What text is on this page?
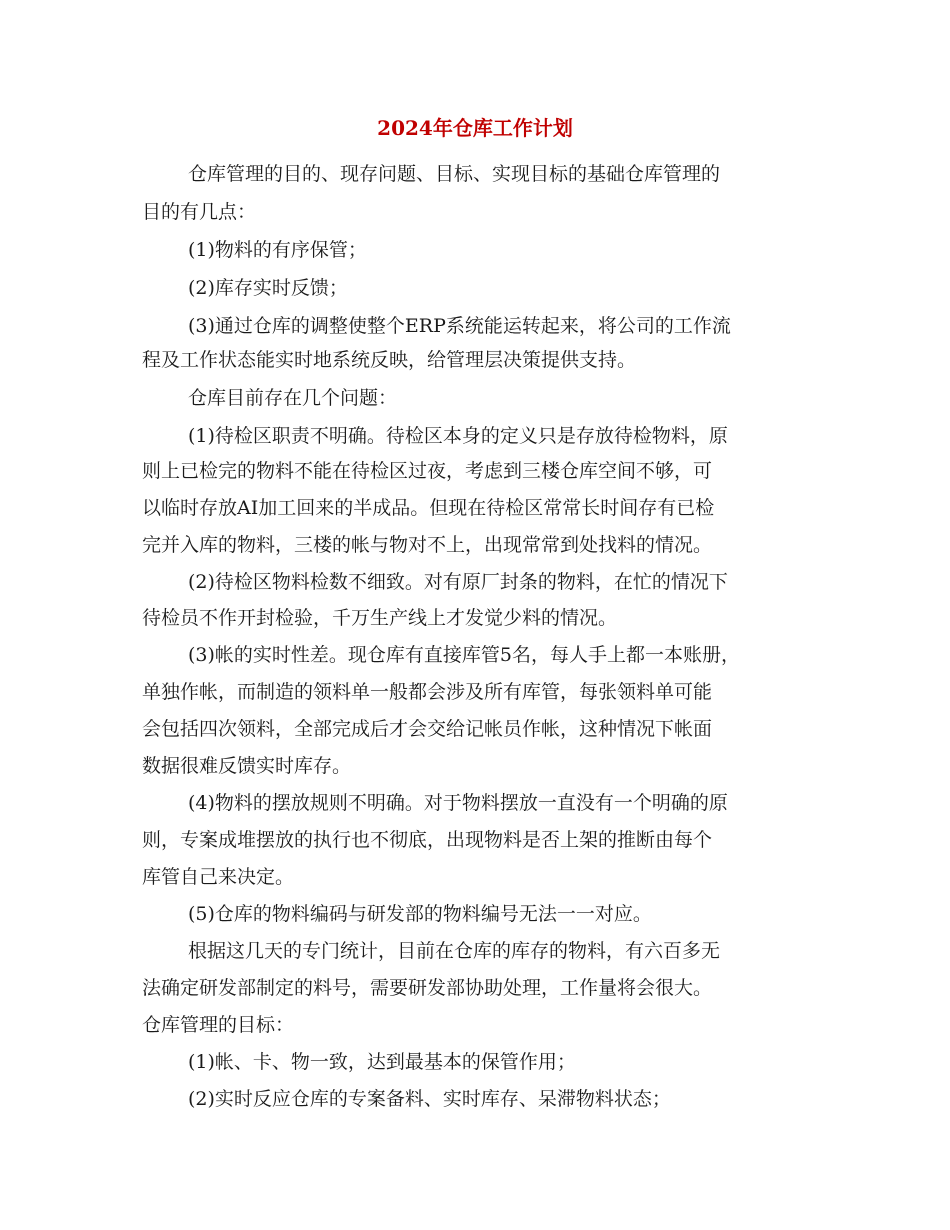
2024年仓库工作计划
仓库管理的目的、现存问题、目标、实现目标的基础仓库管理的
目的有几点：
(1)物料的有序保管；
(2)库存实时反馈；
(3)通过仓库的调整使整个ERP系统能运转起来，将公司的工作流
程及工作状态能实时地系统反映，给管理层决策提供支持。
仓库目前存在几个问题：
(1)待检区职责不明确。待检区本身的定义只是存放待检物料，原
则上已检完的物料不能在待检区过夜，考虑到三楼仓库空间不够，可
以临时存放AI加工回来的半成品。但现在待检区常常长时间存有已检
完并入库的物料，三楼的帐与物对不上，出现常常到处找料的情况。
(2)待检区物料检数不细致。对有原厂封条的物料，在忙的情况下
待检员不作开封检验，千万生产线上才发觉少料的情况。
(3)帐的实时性差。现仓库有直接库管5名，每人手上都一本账册，
单独作帐，而制造的领料单一般都会涉及所有库管，每张领料单可能
会包括四次领料，全部完成后才会交给记帐员作帐，这种情况下帐面
数据很难反馈实时库存。
(4)物料的摆放规则不明确。对于物料摆放一直没有一个明确的原
则，专案成堆摆放的执行也不彻底，出现物料是否上架的推断由每个
库管自己来决定。
(5)仓库的物料编码与研发部的物料编号无法一一对应。
根据这几天的专门统计，目前在仓库的库存的物料，有六百多无
法确定研发部制定的料号，需要研发部协助处理，工作量将会很大。
仓库管理的目标：
(1)帐、卡、物一致，达到最基本的保管作用；
(2)实时反应仓库的专案备料、实时库存、呆滞物料状态；
